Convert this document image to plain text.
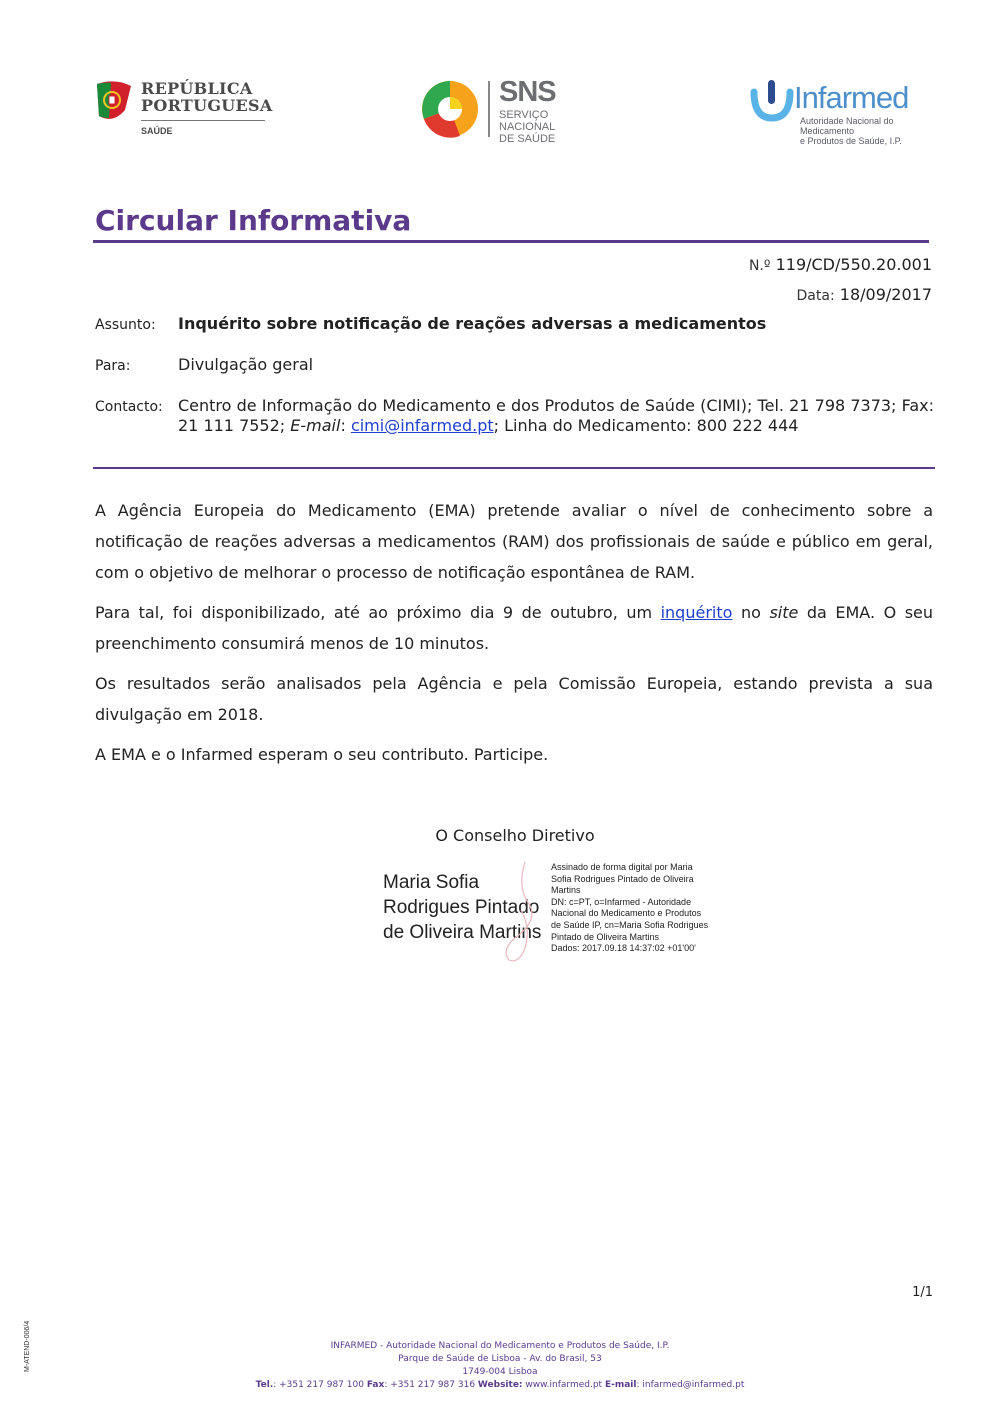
REPÚBLICA
PORTUGUESA
SAÚDE
SNS
SERVIÇO NACIONAL
DE SAÚDE
Infarmed
Autoridade Nacional do Medicamento
e Produtos de Saúde, I.P.
Circular Informativa
N.º 119/CD/550.20.001
Data: 18/09/2017
Assunto: Inquérito sobre notificação de reações adversas a medicamentos
Para:	Divulgação geral
Contacto: Centro de Informação do Medicamento e dos Produtos de Saúde (CIMI); Tel. 21 798 7373; Fax: 21 111 7552; E-mail: cimi@infarmed.pt; Linha do Medicamento: 800 222 444
A Agência Europeia do Medicamento (EMA) pretende avaliar o nível de conhecimento sobre a notificação de reações adversas a medicamentos (RAM) dos profissionais de saúde e público em geral, com o objetivo de melhorar o processo de notificação espontânea de RAM.
Para tal, foi disponibilizado, até ao próximo dia 9 de outubro, um inquérito no site da EMA. O seu preenchimento consumirá menos de 10 minutos.
Os resultados serão analisados pela Agência e pela Comissão Europeia, estando prevista a sua divulgação em 2018.
A EMA e o Infarmed esperam o seu contributo. Participe.
O Conselho Diretivo
Maria Sofia
Rodrigues Pintado
de Oliveira Martins
Assinado de forma digital por Maria
Sofia Rodrigues Pintado de Oliveira
Martins
DN: c=PT, o=Infarmed - Autoridade
Nacional do Medicamento e Produtos
de Saúde IP, cn=Maria Sofia Rodrigues
Pintado de Oliveira Martins
Dados: 2017.09.18 14:37:02 +01'00'
1/1
M-ATEND-006/4	INFARMED - Autoridade Nacional do Medicamento e Produtos de Saúde, I.P.
Parque de Saúde de Lisboa - Av. do Brasil, 53
1749-004 Lisboa
Tel.: +351 217 987 100 Fax: +351 217 987 316 Website: www.infarmed.pt E-mail: infarmed@infarmed.pt
